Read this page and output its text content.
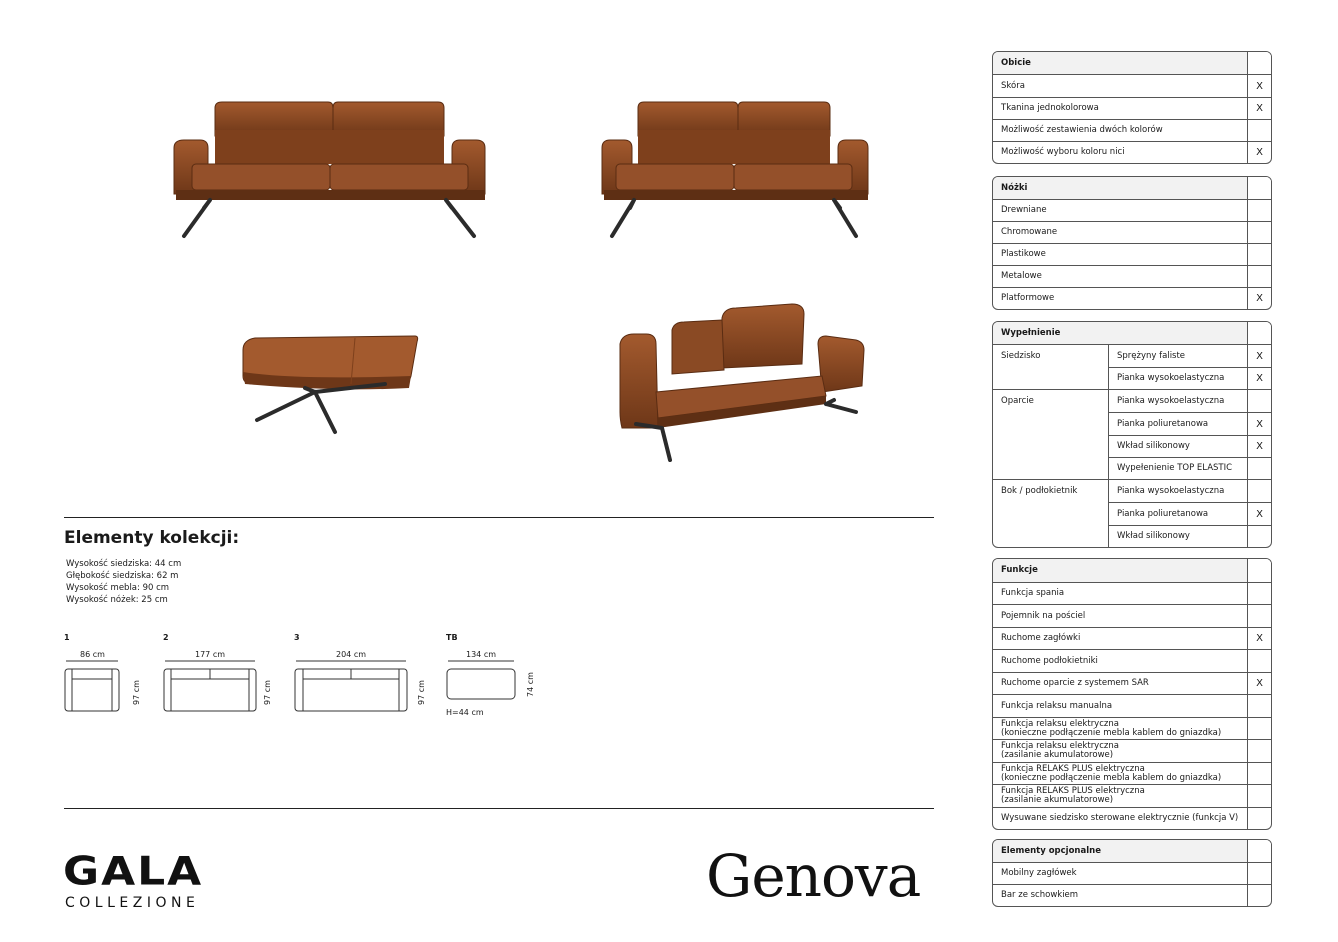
Elementy kolekcji:
Wysokość siedziska: 44 cm
Głębokość siedziska: 62 m
Wysokość mebla: 90 cm
Wysokość nóżek: 25 cm
1
86 cm
97 cm
2
177 cm
97 cm
3
204 cm
97 cm
TB
134 cm
74 cm
H=44 cm
GALA
COLLEZIONE	Genova
Obicie
Skóra	X
Tkanina jednokolorowa	X
Możliwość zestawienia dwóch kolorów
Możliwość wyboru koloru nici	X
Nóżki
Drewniane
Chromowane
Plastikowe
Metalowe
Platformowe	X
Wypełnienie
Siedzisko	Sprężyny faliste	X
Pianka wysokoelastyczna	X
Oparcie	Pianka wysokoelastyczna
Pianka poliuretanowa	X
Wkład silikonowy	X
Wypełenienie TOP ELASTIC
Bok / podłokietnik	Pianka wysokoelastyczna
Pianka poliuretanowa	X
Wkład silikonowy
Funkcje
Funkcja spania
Pojemnik na pościel
Ruchome zagłówki	X
Ruchome podłokietniki
Ruchome oparcie z systemem SAR	X
Funkcja relaksu manualna
Funkcja relaksu elektryczna
(konieczne podłączenie mebla kablem do gniazdka)
Funkcja relaksu elektryczna
(zasilanie akumulatorowe)
Funkcja RELAKS PLUS elektryczna
(konieczne podłączenie mebla kablem do gniazdka)
Funkcja RELAKS PLUS elektryczna
(zasilanie akumulatorowe)
Wysuwane siedzisko sterowane elektrycznie (funkcja V)
Elementy opcjonalne
Mobilny zagłówek
Bar ze schowkiem
